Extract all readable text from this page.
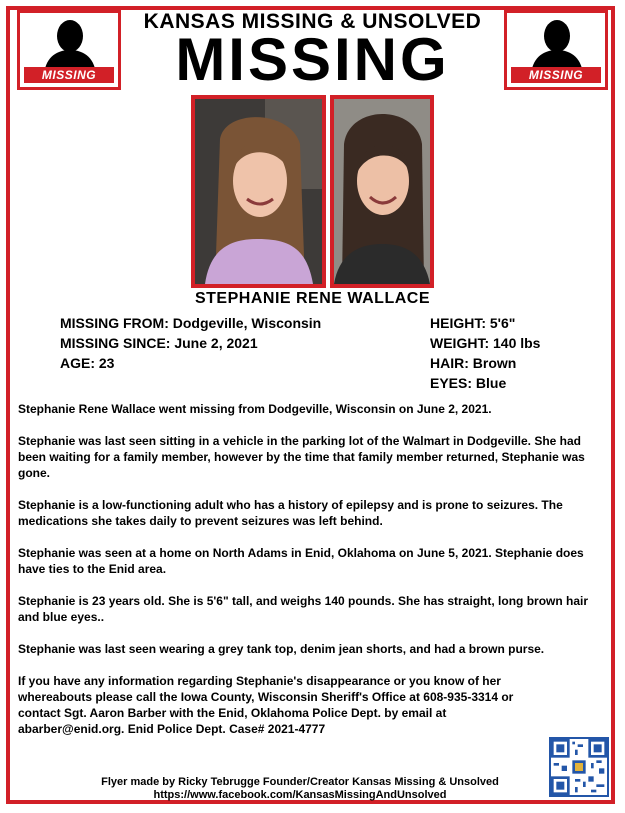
MISSING	MISSING
KANSAS MISSING & UNSOLVED
MISSING
STEPHANIE RENE WALLACE
MISSING FROM: Dodgeville, Wisconsin
MISSING SINCE: June 2, 2021
AGE: 23
HEIGHT: 5'6"
WEIGHT: 140 lbs
HAIR: Brown
EYES: Blue

Stephanie Rene Wallace went missing from Dodgeville, Wisconsin on June 2, 2021.

Stephanie was last seen sitting in a vehicle in the parking lot of the Walmart in Dodgeville. She had been waiting for a family member, however by the time that family member returned, Stephanie was gone.

Stephanie is a low-functioning adult who has a history of epilepsy and is prone to seizures. The medications she takes daily to prevent seizures was left behind.

Stephanie was seen at a home on North Adams in Enid, Oklahoma on June 5, 2021. Stephanie does have ties to the Enid area.

Stephanie is 23 years old. She is 5'6" tall, and weighs 140 pounds. She has straight, long brown hair and blue eyes..

Stephanie was last seen wearing a grey tank top, denim jean shorts, and had a brown purse.

If you have any information regarding Stephanie's disappearance or you know of her whereabouts please call the Iowa County, Wisconsin Sheriff's Office at 608-935-3314 or contact Sgt. Aaron Barber with the Enid, Oklahoma Police Dept. by email at abarber@enid.org. Enid Police Dept. Case# 2021-4777

Flyer made by Ricky Tebrugge Founder/Creator Kansas Missing & Unsolved
https://www.facebook.com/KansasMissingAndUnsolved
